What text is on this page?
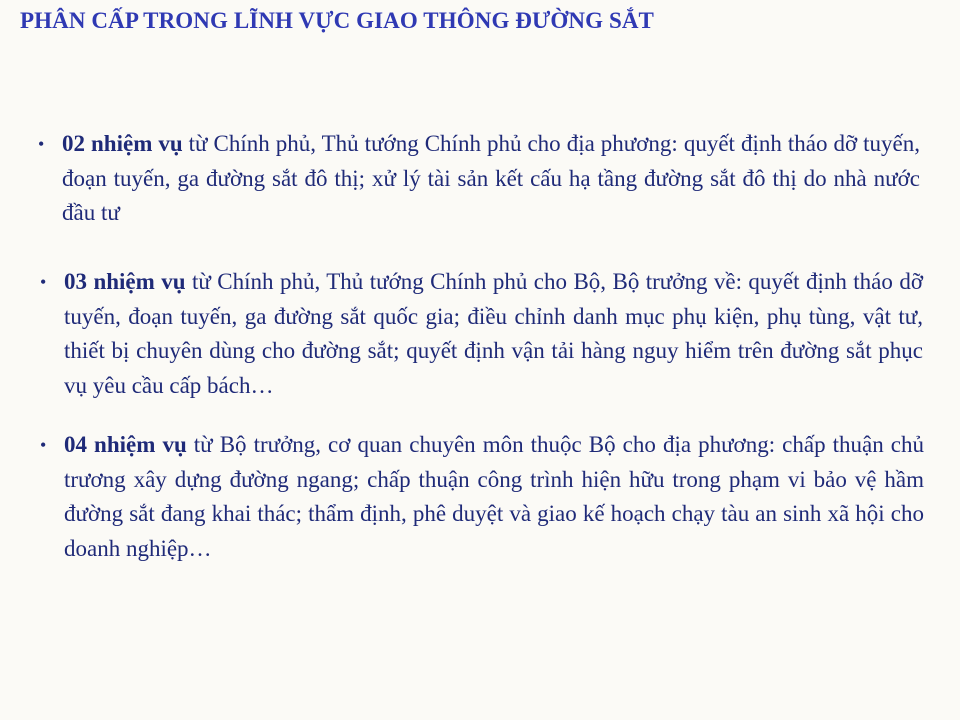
PHÂN CẤP TRONG LĨNH VỰC GIAO THÔNG ĐƯỜNG SẮT
• 02 nhiệm vụ từ Chính phủ, Thủ tướng Chính phủ cho địa phương: quyết định tháo dỡ tuyến, đoạn tuyến, ga đường sắt đô thị; xử lý tài sản kết cấu hạ tầng đường sắt đô thị do nhà nước đầu tư
• 03 nhiệm vụ từ Chính phủ, Thủ tướng Chính phủ cho Bộ, Bộ trưởng về: quyết định tháo dỡ tuyến, đoạn tuyến, ga đường sắt quốc gia; điều chỉnh danh mục phụ kiện, phụ tùng, vật tư, thiết bị chuyên dùng cho đường sắt; quyết định vận tải hàng nguy hiểm trên đường sắt phục vụ yêu cầu cấp bách…
• 04 nhiệm vụ từ Bộ trưởng, cơ quan chuyên môn thuộc Bộ cho địa phương: chấp thuận chủ trương xây dựng đường ngang; chấp thuận công trình hiện hữu trong phạm vi bảo vệ hầm đường sắt đang khai thác; thẩm định, phê duyệt và giao kế hoạch chạy tàu an sinh xã hội cho doanh nghiệp…
